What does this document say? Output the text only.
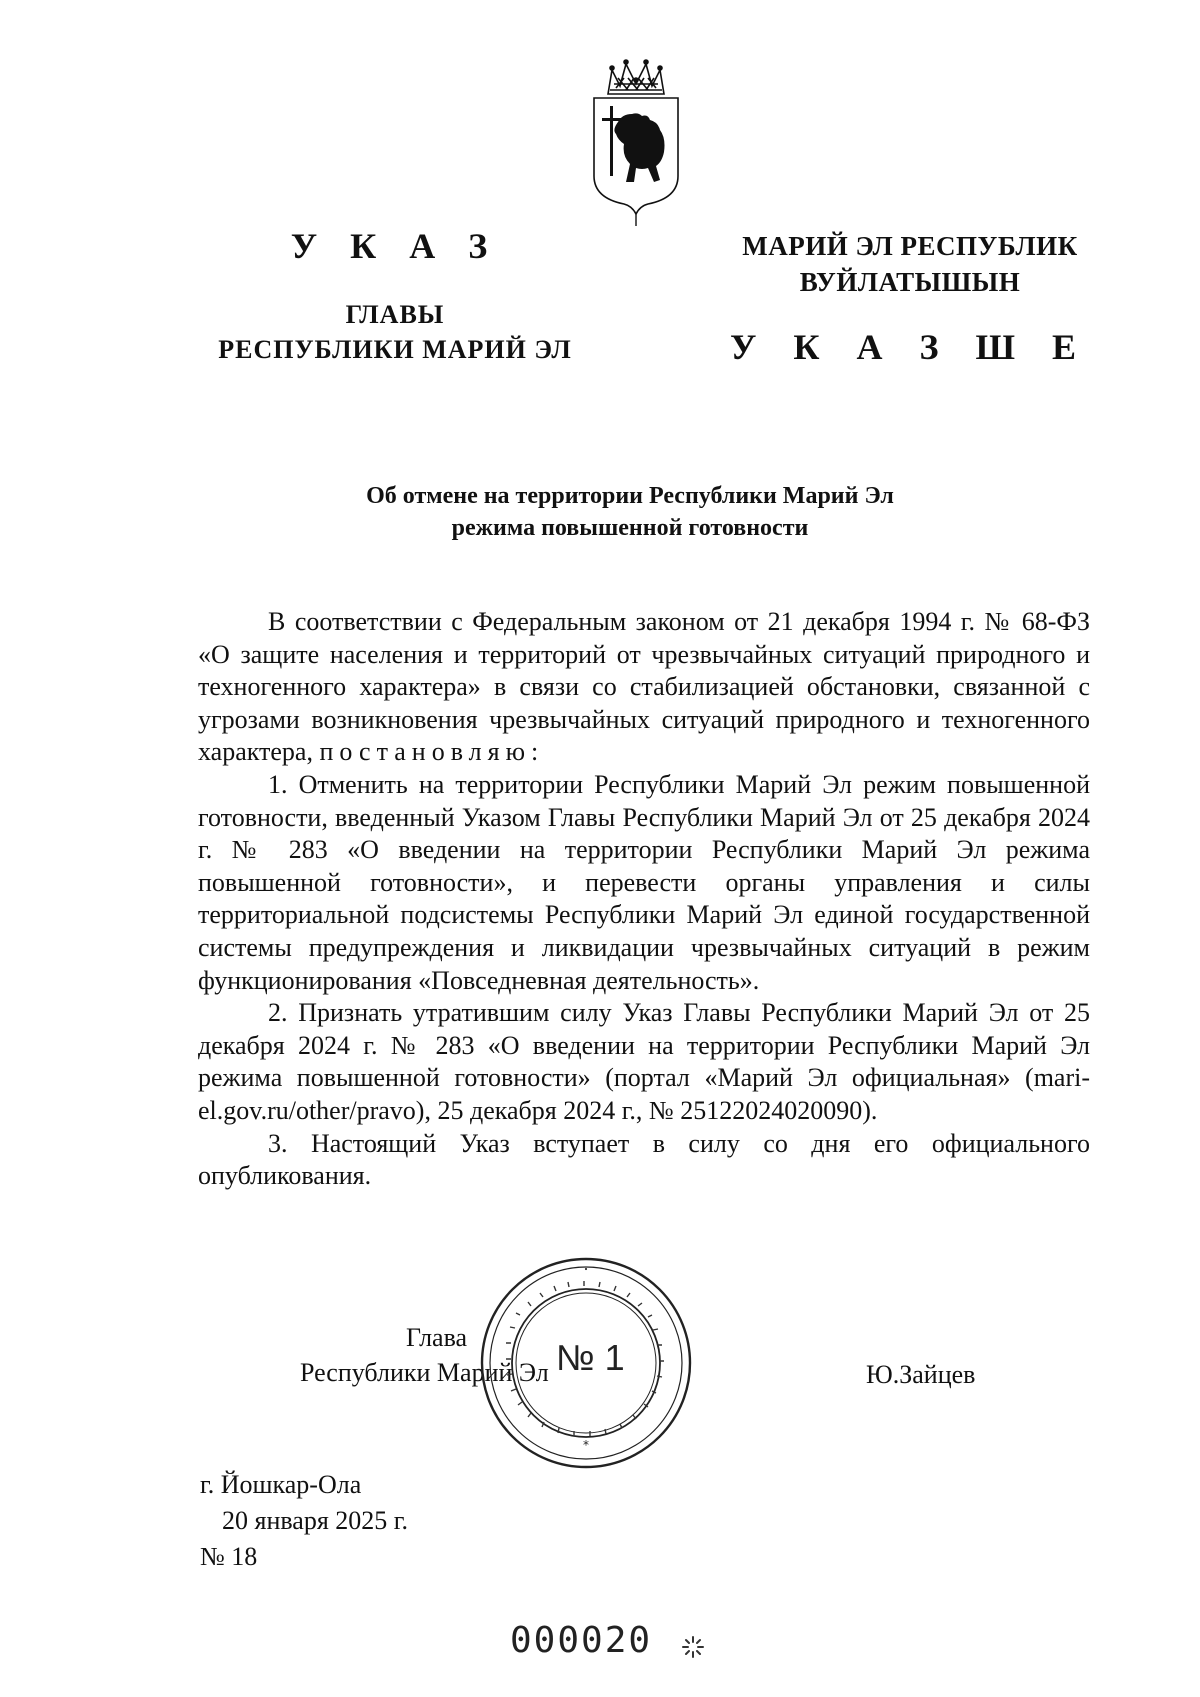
У К А З
ГЛАВЫ
РЕСПУБЛИКИ МАРИЙ ЭЛ
МАРИЙ ЭЛ РЕСПУБЛИК
ВУЙЛАТЫШЫН
У К А З Ш Е
Об отмене на территории Республики Марий Эл
режима повышенной готовности

В соответствии с Федеральным законом от 21 декабря 1994 г. № 68-ФЗ «О защите населения и территорий от чрезвычайных ситуаций природного и техногенного характера» в связи со стабилизацией обстановки, связанной с угрозами возникновения чрезвычайных ситуаций природного и техногенного характера, постановляю:

1. Отменить на территории Республики Марий Эл режим повышенной готовности, введенный Указом Главы Республики Марий Эл от 25 декабря 2024 г. № 283 «О введении на территории Республики Марий Эл режима повышенной готовности», и перевести органы управления и силы территориальной подсистемы Республики Марий Эл единой государственной системы предупреждения и ликвидации чрезвычайных ситуаций в режим функционирования «Повседневная деятельность».

2. Признать утратившим силу Указ Главы Республики Марий Эл от 25 декабря 2024 г. № 283 «О введении на территории Республики Марий Эл режима повышенной готовности» (портал «Марий Эл официальная» (mari-el.gov.ru/other/pravo), 25 декабря 2024 г., № 25122024020090).

3. Настоящий Указ вступает в силу со дня его официального опубликования.

Глава
Республики Марий Эл	Ю.Зайцев
*
№ 1
г. Йошкар-Ола
20 января 2025 г.
№ 18
000020
